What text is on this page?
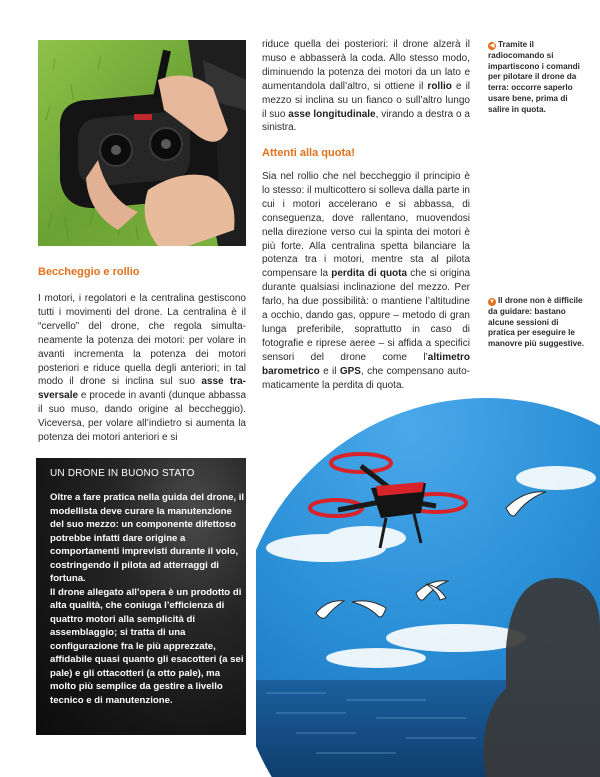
Beccheggio e rollio

I motori, i regolatori e la centralina gestiscono tutti i movimenti del drone. La centralina è il “cervello” del drone, che regola simultaneamente la potenza dei motori: per volare in avanti incrementa la potenza dei motori posteriori e riduce quella degli anteriori; in tal modo il drone si inclina sul suo asse trasversale e procede in avanti (dunque abbassa il suo muso, dando origine al beccheggio). Viceversa, per volare all’indietro si aumenta la potenza dei motori anteriori e si

riduce quella dei posteriori: il drone alzerà il muso e abbasserà la coda. Allo stesso modo, diminuendo la potenza dei motori da un lato e aumentandola dall’altro, si ottiene il rollio e il mezzo si inclina su un fianco o sull’altro lungo il suo asse longitudinale, virando a destra o a sinistra.

Attenti alla quota!

Sia nel rollio che nel beccheggio il principio è lo stesso: il multicottero si solleva dalla parte in cui i motori accelerano e si abbassa, di conseguenza, dove rallentano, muovendosi nella direzione verso cui la spinta dei motori è più forte. Alla centralina spetta bilanciare la potenza tra i motori, mentre sta al pilota compensare la perdita di quota che si origina durante qualsiasi inclinazione del mezzo. Per farlo, ha due possibilità: o mantiene l’altitudine a occhio, dando gas, oppure – metodo di gran lunga preferibile, soprattutto in caso di fotografie e riprese aeree – si affida a specifici sensori del drone come l’altimetro barometrico e il GPS, che compensano automaticamente la perdita di quota.

◀ Tramite il radiocomando si impartiscono i comandi per pilotare il drone da terra: occorre saperlo usare bene, prima di salire in quota.
▼ Il drone non è difficile da guidare: bastano alcune sessioni di pratica per eseguire le manovre più suggestive.
UN DRONE IN BUONO STATO

Oltre a fare pratica nella guida del drone, il modellista deve curare la manutenzione del suo mezzo: un componente difettoso potrebbe infatti dare origine a comportamenti imprevisti durante il volo, costringendo il pilota ad atterraggi di fortuna.
Il drone allegato all’opera è un prodotto di alta qualità, che coniuga l’efficienza di quattro motori alla semplicità di assemblaggio; si tratta di una configurazione fra le più apprezzate, affidabile quasi quanto gli esacotteri (a sei pale) e gli ottacotteri (a otto pale), ma molto più semplice da gestire a livello tecnico e di manutenzione.
